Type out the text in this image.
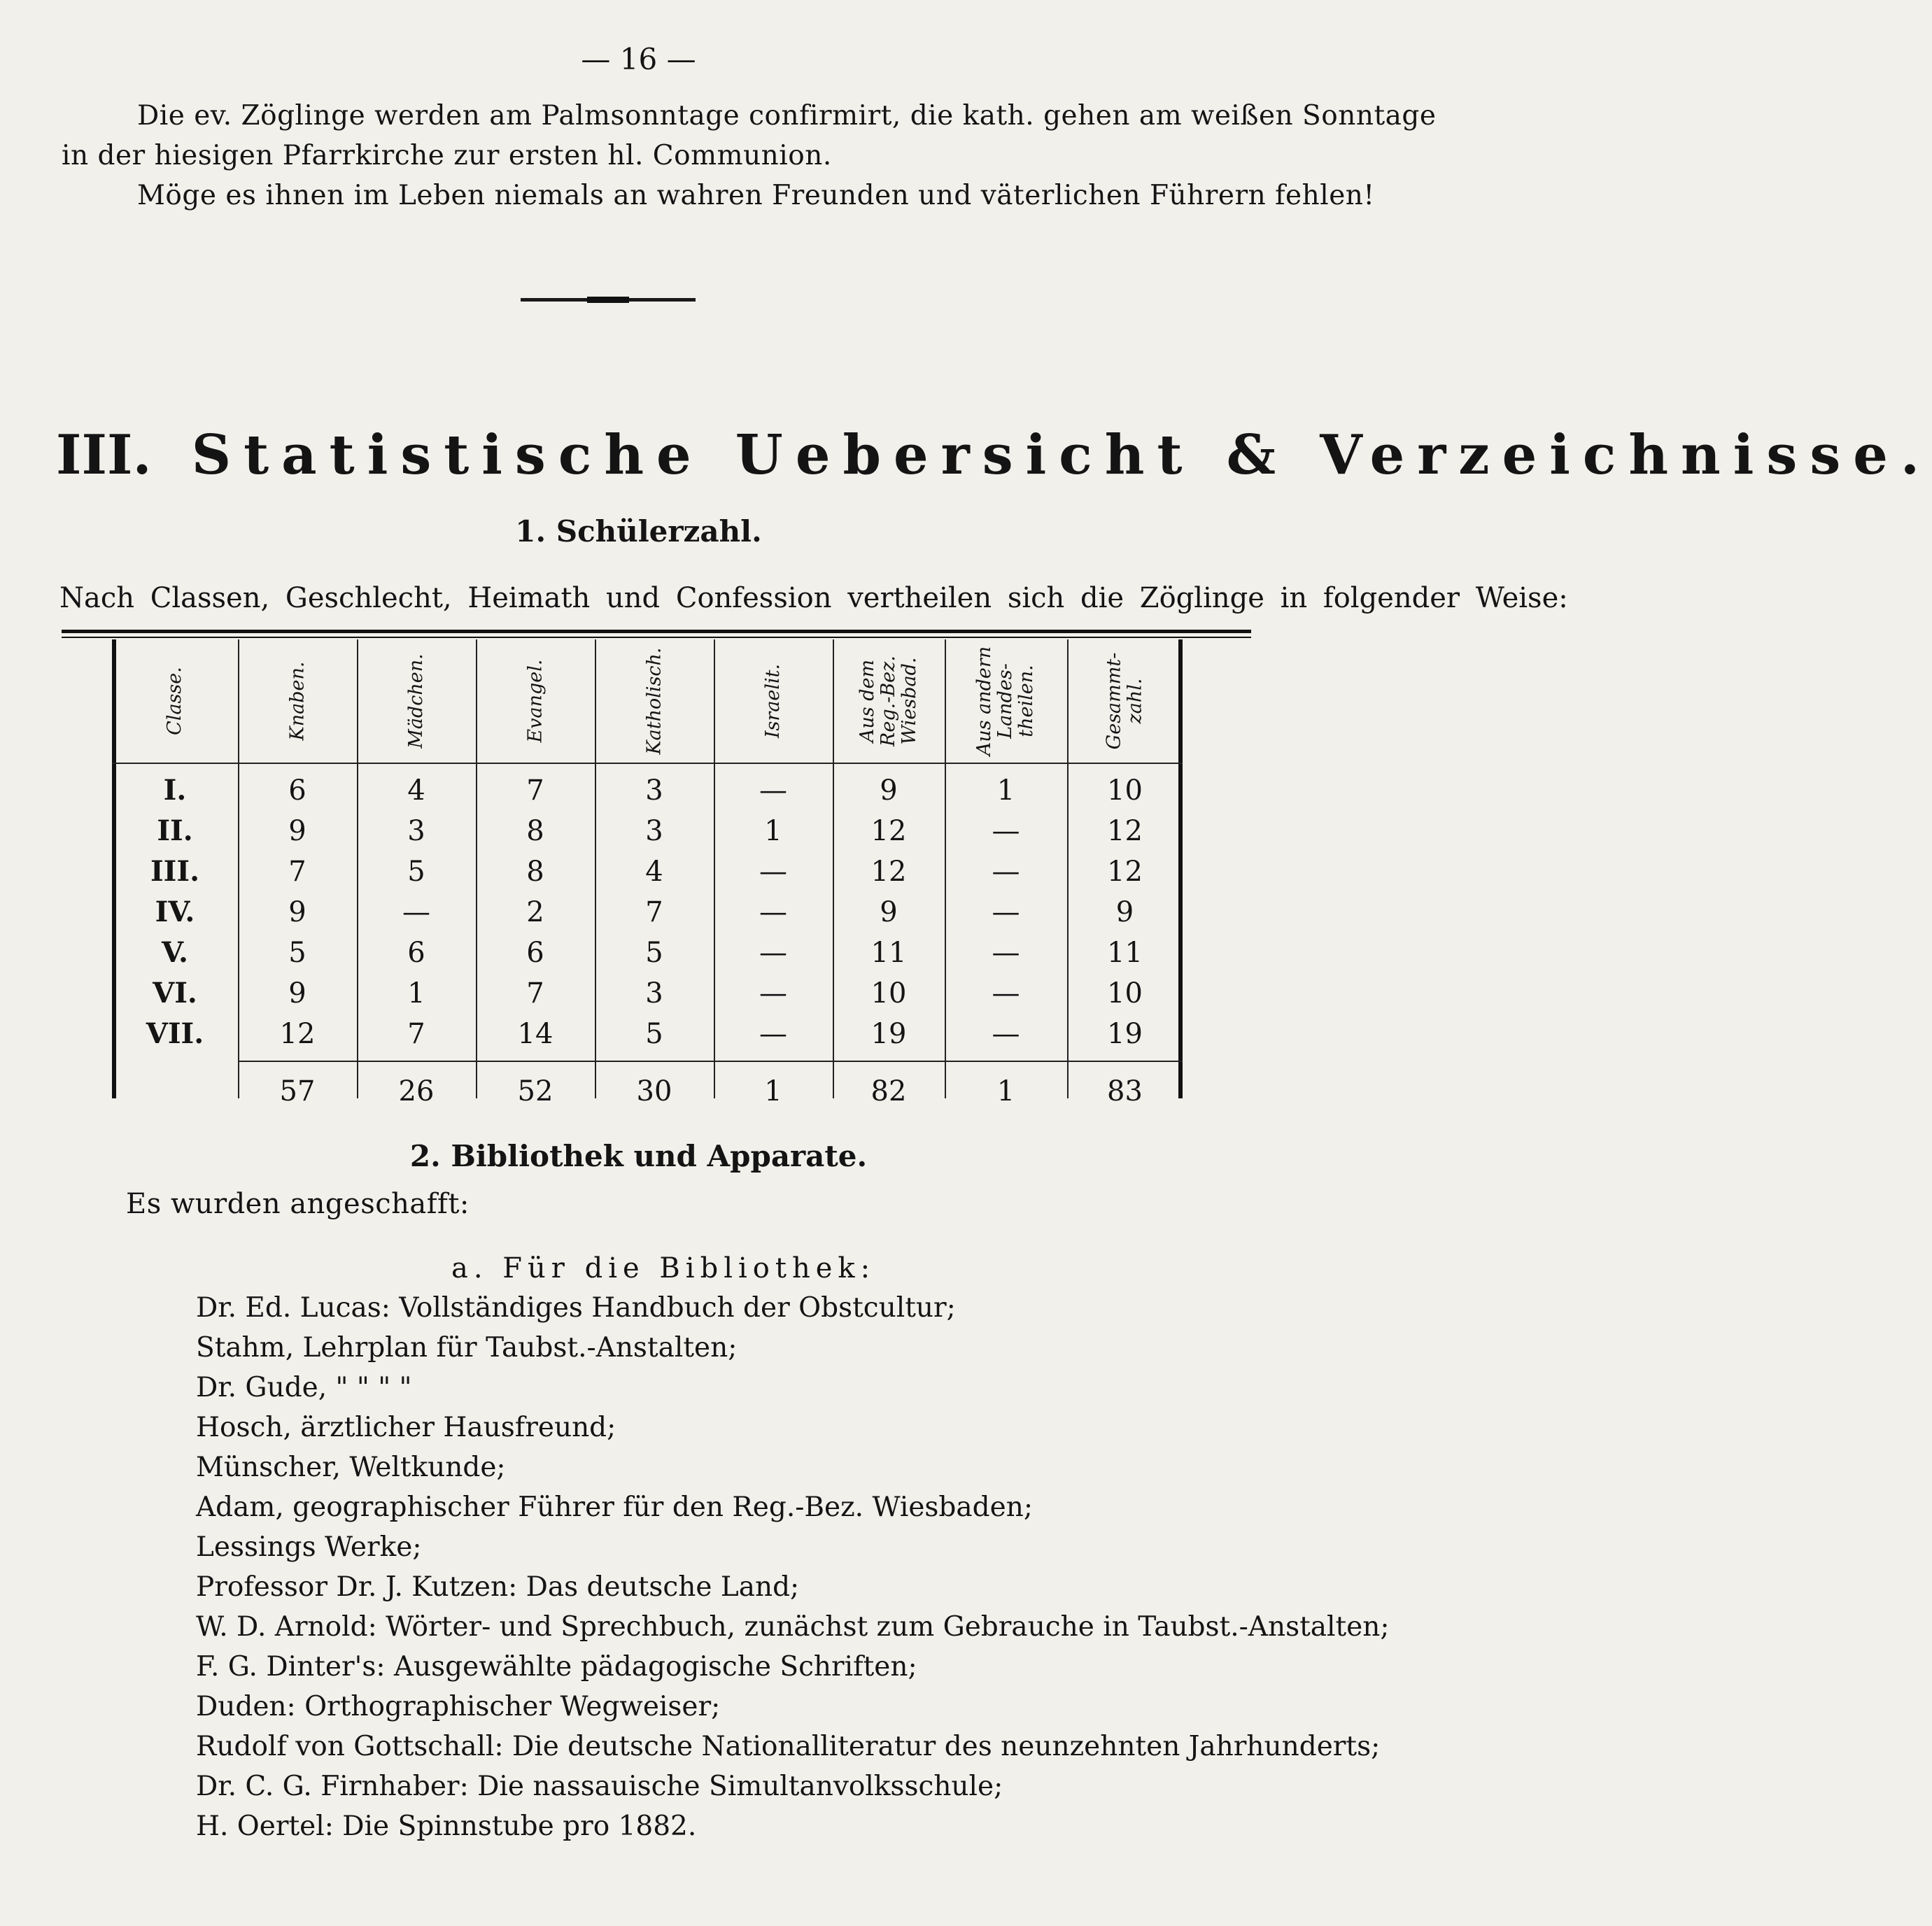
— 16 —
Die ev. Zöglinge werden am Palmsonntage confirmirt, die kath. gehen am weißen Sonntage
in der hiesigen Pfarrkirche zur ersten hl. Communion.
Möge es ihnen im Leben niemals an wahren Freunden und väterlichen Führern fehlen!
III. Statistische Uebersicht & Verzeichnisse.
1. Schülerzahl.
Nach Classen, Geschlecht, Heimath und Confession vertheilen sich die Zöglinge in folgender Weise:
Classe.	Knaben.	Mädchen.	Evangel.	Katholisch.	Israelit.	Aus dem
Reg.-Bez.
Wiesbad.	Aus andern
Landes-
theilen.	Gesammt-
zahl.
I.	6	4	7	3	—	9	1	10
II.	9	3	8	3	1	12	—	12
III.	7	5	8	4	—	12	—	12
IV.	9	—	2	7	—	9	—	9
V.	5	6	6	5	—	11	—	11
VI.	9	1	7	3	—	10	—	10
VII.	12	7	14	5	—	19	—	19
57	26	52	30	1	82	1	83
2. Bibliothek und Apparate.
Es wurden angeschafft:
a. Für die Bibliothek:
Dr. Ed. Lucas: Vollständiges Handbuch der Obstcultur;
Stahm, Lehrplan für Taubst.-Anstalten;
Dr. Gude, " " " "
Hosch, ärztlicher Hausfreund;
Münscher, Weltkunde;
Adam, geographischer Führer für den Reg.-Bez. Wiesbaden;
Lessings Werke;
Professor Dr. J. Kutzen: Das deutsche Land;
W. D. Arnold: Wörter- und Sprechbuch, zunächst zum Gebrauche in Taubst.-Anstalten;
F. G. Dinter's: Ausgewählte pädagogische Schriften;
Duden: Orthographischer Wegweiser;
Rudolf von Gottschall: Die deutsche Nationalliteratur des neunzehnten Jahrhunderts;
Dr. C. G. Firnhaber: Die nassauische Simultanvolksschule;
H. Oertel: Die Spinnstube pro 1882.
